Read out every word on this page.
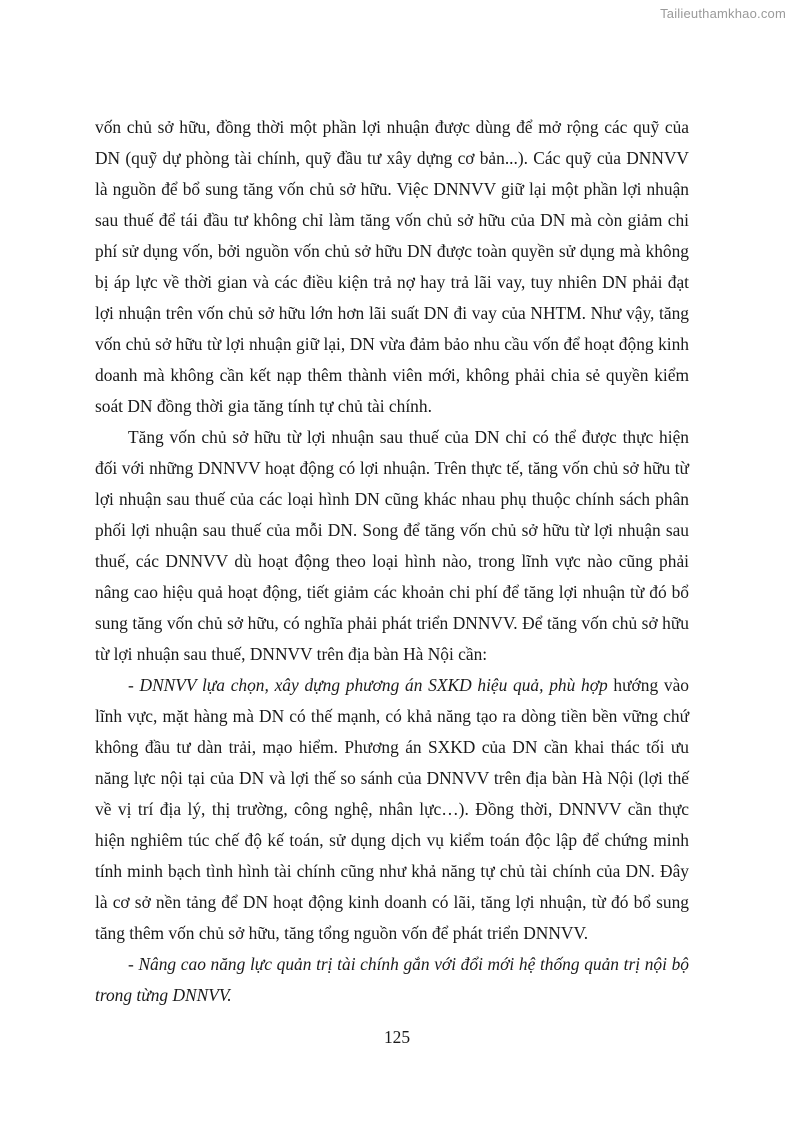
Tailieuthamkhao.com

vốn chủ sở hữu, đồng thời một phần lợi nhuận được dùng để mở rộng các quỹ của DN (quỹ dự phòng tài chính, quỹ đầu tư xây dựng cơ bản...). Các quỹ của DNNVV là nguồn để bổ sung tăng vốn chủ sở hữu. Việc DNNVV giữ lại một phần lợi nhuận sau thuế để tái đầu tư không chỉ làm tăng vốn chủ sở hữu của DN mà còn giảm chi phí sử dụng vốn, bởi nguồn vốn chủ sở hữu DN được toàn quyền sử dụng mà không bị áp lực về thời gian và các điều kiện trả nợ hay trả lãi vay, tuy nhiên DN phải đạt lợi nhuận trên vốn chủ sở hữu lớn hơn lãi suất DN đi vay của NHTM. Như vậy, tăng vốn chủ sở hữu từ lợi nhuận giữ lại, DN vừa đảm bảo nhu cầu vốn để hoạt động kinh doanh mà không cần kết nạp thêm thành viên mới, không phải chia sẻ quyền kiểm soát DN đồng thời gia tăng tính tự chủ tài chính.

Tăng vốn chủ sở hữu từ lợi nhuận sau thuế của DN chỉ có thể được thực hiện đối với những DNNVV hoạt động có lợi nhuận. Trên thực tế, tăng vốn chủ sở hữu từ lợi nhuận sau thuế của các loại hình DN cũng khác nhau phụ thuộc chính sách phân phối lợi nhuận sau thuế của mỗi DN. Song để tăng vốn chủ sở hữu từ lợi nhuận sau thuế, các DNNVV dù hoạt động theo loại hình nào, trong lĩnh vực nào cũng phải nâng cao hiệu quả hoạt động, tiết giảm các khoản chi phí để tăng lợi nhuận từ đó bổ sung tăng vốn chủ sở hữu, có nghĩa phải phát triển DNNVV. Để tăng vốn chủ sở hữu từ lợi nhuận sau thuế, DNNVV trên địa bàn Hà Nội cần:

- DNNVV lựa chọn, xây dựng phương án SXKD hiệu quả, phù hợp hướng vào lĩnh vực, mặt hàng mà DN có thế mạnh, có khả năng tạo ra dòng tiền bền vững chứ không đầu tư dàn trải, mạo hiểm. Phương án SXKD của DN cần khai thác tối ưu năng lực nội tại của DN và lợi thế so sánh của DNNVV trên địa bàn Hà Nội (lợi thế về vị trí địa lý, thị trường, công nghệ, nhân lực…). Đồng thời, DNNVV cần thực hiện nghiêm túc chế độ kế toán, sử dụng dịch vụ kiểm toán độc lập để chứng minh tính minh bạch tình hình tài chính cũng như khả năng tự chủ tài chính của DN. Đây là cơ sở nền tảng để DN hoạt động kinh doanh có lãi, tăng lợi nhuận, từ đó bổ sung tăng thêm vốn chủ sở hữu, tăng tổng nguồn vốn để phát triển DNNVV.

- Nâng cao năng lực quản trị tài chính gắn với đổi mới hệ thống quản trị nội bộ trong từng DNNVV.

125
